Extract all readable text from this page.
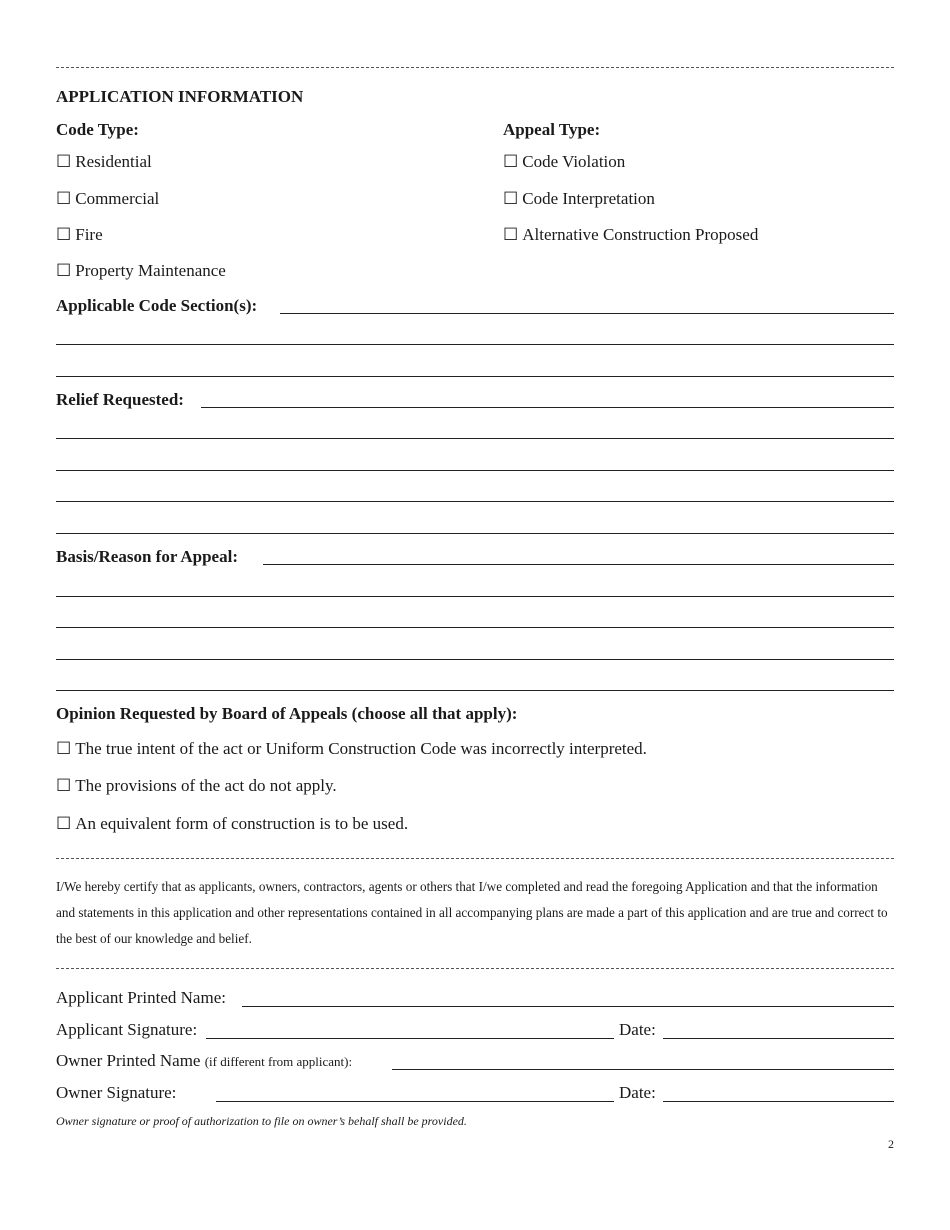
APPLICATION INFORMATION
Code Type:
☐ Residential
☐ Commercial
☐ Fire
☐ Property Maintenance
Appeal Type:
☐ Code Violation
☐ Code Interpretation
☐ Alternative Construction Proposed
Applicable Code Section(s):
Relief Requested:
Basis/Reason for Appeal:
Opinion Requested by Board of Appeals (choose all that apply):
☐ The true intent of the act or Uniform Construction Code was incorrectly interpreted.
☐ The provisions of the act do not apply.
☐ An equivalent form of construction is to be used.
I/We hereby certify that as applicants, owners, contractors, agents or others that I/we completed and read the foregoing Application and that the information and statements in this application and other representations contained in all accompanying plans are made a part of this application and are true and correct to the best of our knowledge and belief.
Applicant Printed Name:
Applicant Signature:	Date:
Owner Printed Name (if different from applicant):
Owner Signature:	Date:
Owner signature or proof of authorization to file on owner’s behalf shall be provided.
2
